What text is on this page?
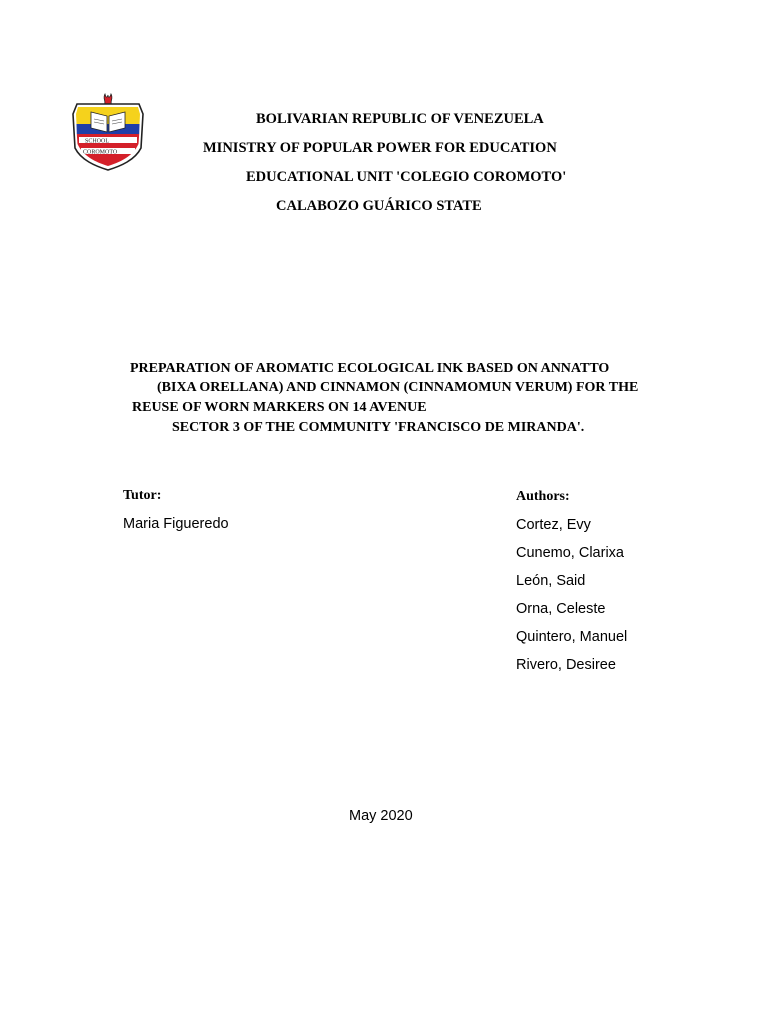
SCHOOL
COROMOTO
BOLIVARIAN REPUBLIC OF VENEZUELA
MINISTRY OF POPULAR POWER FOR EDUCATION
EDUCATIONAL UNIT 'COLEGIO COROMOTO'
CALABOZO GUÁRICO STATE
PREPARATION OF AROMATIC ECOLOGICAL INK BASED ON ANNATTO
(BIXA ORELLANA) AND CINNAMON (CINNAMOMUN VERUM) FOR THE
REUSE OF WORN MARKERS ON 14 AVENUE
SECTOR 3 OF THE COMMUNITY 'FRANCISCO DE MIRANDA'.
Tutor:
Maria Figueredo
Authors:
Cortez, Evy
Cunemo, Clarixa
León, Said
Orna, Celeste
Quintero, Manuel
Rivero, Desiree
May 2020
